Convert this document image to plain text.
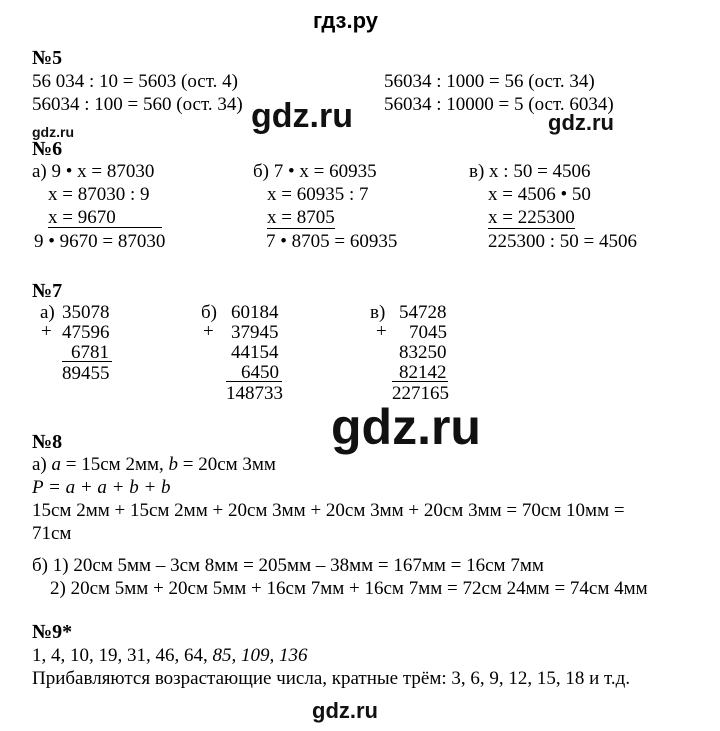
гдз.ру
№5
56 034 : 10 = 5603 (ост. 4)	56034 : 1000 = 56 (ост. 34)
56034 : 100 = 560 (ост. 34)	56034 : 10000 = 5 (ост. 6034)
gdz.ru
gdz.ru	gdz.ru
№6
а) 9 • x = 87030
x = 87030 : 9
x = 9670
9 • 9670 = 87030
б) 7 • x = 60935
x = 60935 : 7
x = 8705
7 • 8705 = 60935
в) x : 50 = 4506
x = 4506 • 50
x = 225300
225300 : 50 = 4506
№7
а)
+
35078
47596
6781
89455
б)
+
60184
37945
44154
6450
148733
в)
+
54728
7045
83250
82142
227165
gdz.ru
№8
а) a = 15см 2мм, b = 20см 3мм
P = a + a + b + b
15см 2мм + 15см 2мм + 20см 3мм + 20см 3мм + 20см 3мм = 70см 10мм =
71см
б) 1) 20см 5мм – 3см 8мм = 205мм – 38мм = 167мм = 16см 7мм
2) 20см 5мм + 20см 5мм + 16см 7мм + 16см 7мм = 72см 24мм = 74см 4мм
№9*
1, 4, 10, 19, 31, 46, 64, 85, 109, 136
Прибавляются возрастающие числа, кратные трём: 3, 6, 9, 12, 15, 18 и т.д.
gdz.ru
